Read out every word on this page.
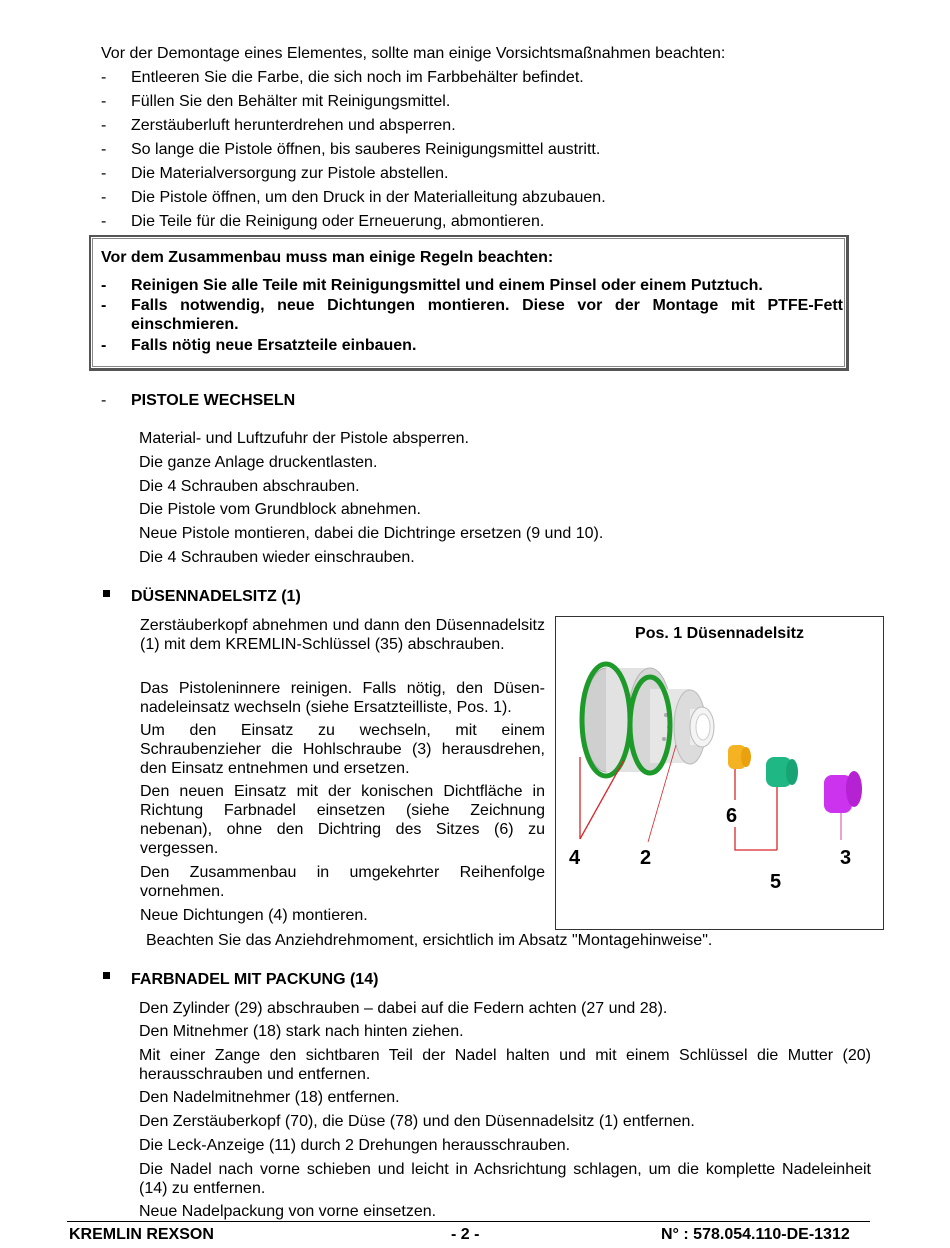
Vor der Demontage eines Elementes, sollte man einige Vorsichtsmaßnahmen beachten:
- Entleeren Sie die Farbe, die sich noch im Farbbehälter befindet.
- Füllen Sie den Behälter mit Reinigungsmittel.
- Zerstäuberluft herunterdrehen und absperren.
- So lange die Pistole öffnen, bis sauberes Reinigungsmittel austritt.
- Die Materialversorgung zur Pistole abstellen.
- Die Pistole öffnen, um den Druck in der Materialleitung abzubauen.
- Die Teile für die Reinigung oder Erneuerung, abmontieren.
Vor dem Zusammenbau muss man einige Regeln beachten:
- Reinigen Sie alle Teile mit Reinigungsmittel und einem Pinsel oder einem Putztuch.
- Falls notwendig, neue Dichtungen montieren. Diese vor der Montage mit PTFE-Fett einschmieren.
- Falls nötig neue Ersatzteile einbauen.
- PISTOLE WECHSELN
Material- und Luftzufuhr der Pistole absperren.
Die ganze Anlage druckentlasten.
Die 4 Schrauben abschrauben.
Die Pistole vom Grundblock abnehmen.
Neue Pistole montieren, dabei die Dichtringe ersetzen (9 und 10).
Die 4 Schrauben wieder einschrauben.
DÜSENNADELSITZ (1)
Zerstäuberkopf abnehmen und dann den Düsennadelsitz (1) mit dem KREMLIN-Schlüssel (35) abschrauben.
Das Pistoleninnere reinigen. Falls nötig, den Düsen-nadeleinsatz wechseln (siehe Ersatzteilliste, Pos. 1).
Um den Einsatz zu wechseln, mit einem Schraubenzieher die Hohlschraube (3) herausdrehen, den Einsatz entnehmen und ersetzen.
Den neuen Einsatz mit der konischen Dichtfläche in Richtung Farbnadel einsetzen (siehe Zeichnung nebenan), ohne den Dichtring des Sitzes (6) zu vergessen.
Den Zusammenbau in umgekehrter Reihenfolge vornehmen.
Neue Dichtungen (4) montieren.
Beachten Sie das Anziehdrehmoment, ersichtlich im Absatz "Montagehinweise".
Pos. 1 Düsennadelsitz
4	2
6
5
3
FARBNADEL MIT PACKUNG (14)
Den Zylinder (29) abschrauben – dabei auf die Federn achten (27 und 28).
Den Mitnehmer (18) stark nach hinten ziehen.
Mit einer Zange den sichtbaren Teil der Nadel halten und mit einem Schlüssel die Mutter (20) herausschrauben und entfernen.
Den Nadelmitnehmer (18) entfernen.
Den Zerstäuberkopf (70), die Düse (78) und den Düsennadelsitz (1) entfernen.
Die Leck-Anzeige (11) durch 2 Drehungen herausschrauben.
Die Nadel nach vorne schieben und leicht in Achsrichtung schlagen, um die komplette Nadeleinheit (14) zu entfernen.
Neue Nadelpackung von vorne einsetzen.
KREMLIN REXSON	- 2 -	N° : 578.054.110-DE-1312
